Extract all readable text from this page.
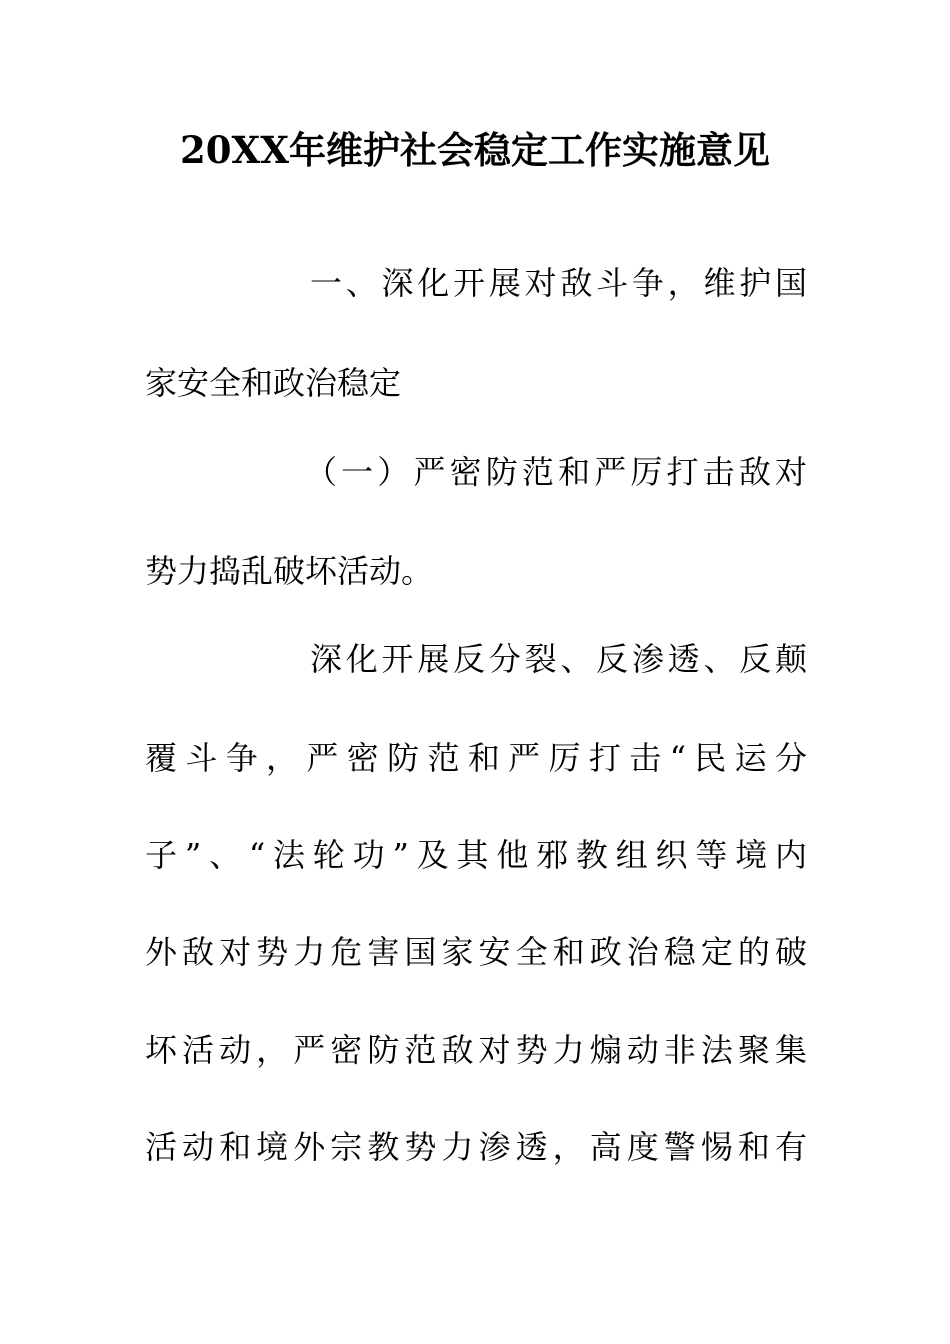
20XX年维护社会稳定工作实施意见
一、深化开展对敌斗争，维护国
家安全和政治稳定
（一）严密防范和严厉打击敌对
势力捣乱破坏活动。
深化开展反分裂、反渗透、反颠
覆斗争，严密防范和严厉打击“民运分
子”、“法轮功”及其他邪教组织等境内
外敌对势力危害国家安全和政治稳定的破
坏活动，严密防范敌对势力煽动非法聚集
活动和境外宗教势力渗透，高度警惕和有
